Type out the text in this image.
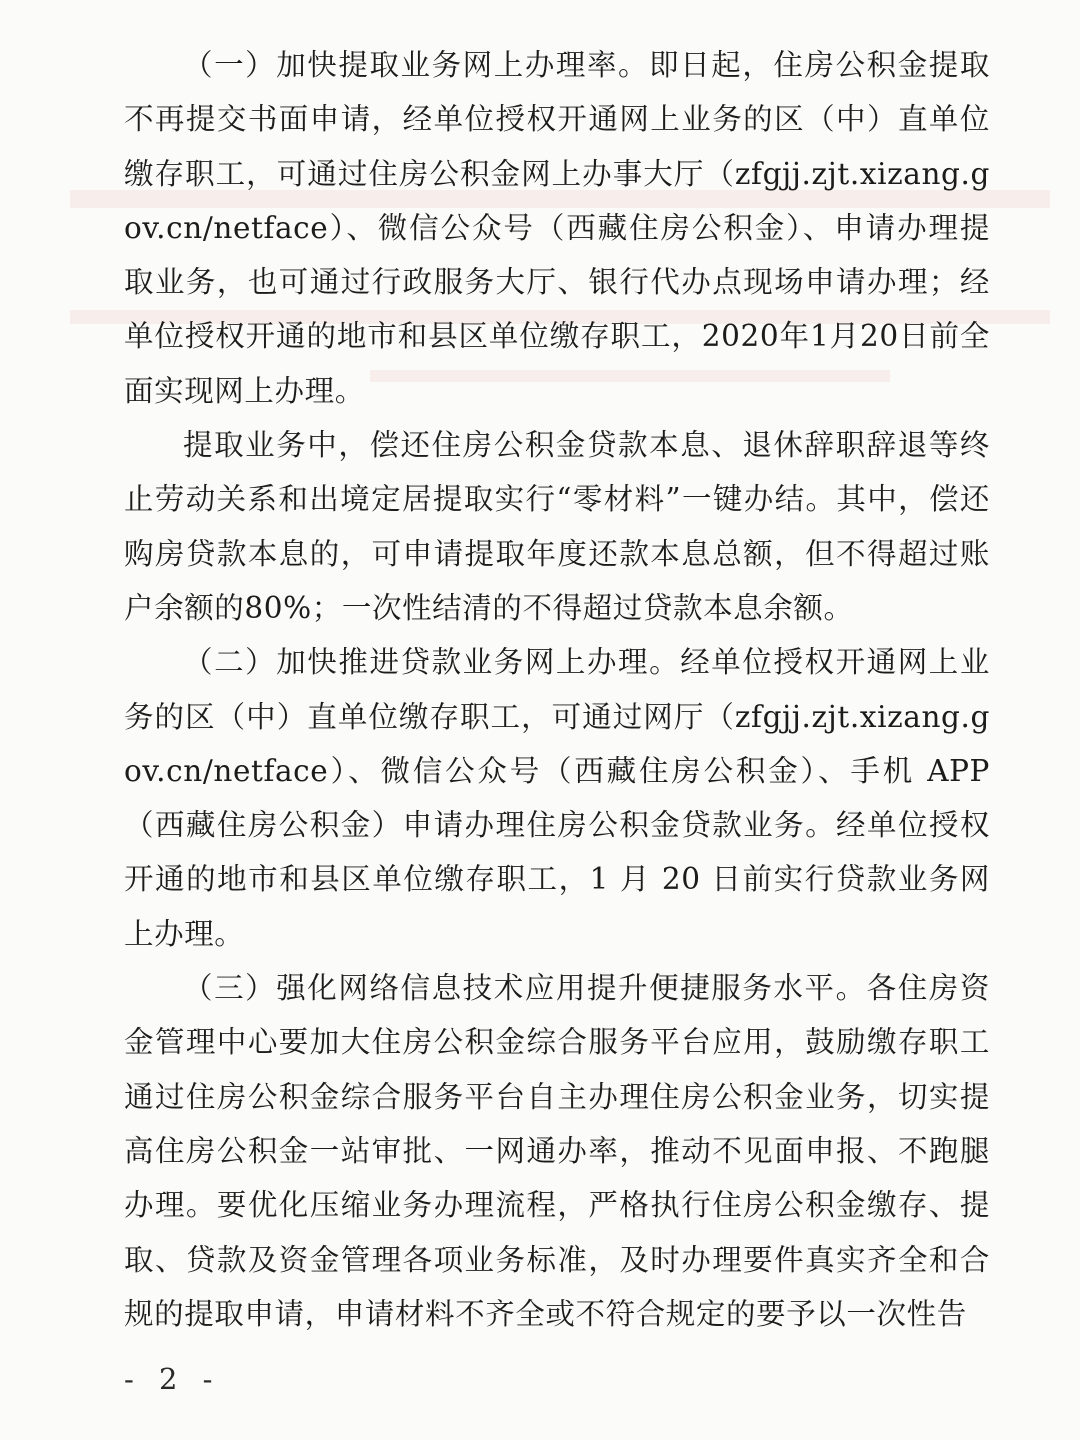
（一）加快提取业务网上办理率。即日起，住房公积金提取不再提交书面申请，经单位授权开通网上业务的区（中）直单位缴存职工，可通过住房公积金网上办事大厅（zfgjj.zjt.xizang.gov.cn/netface）、微信公众号（西藏住房公积金）、申请办理提取业务，也可通过行政服务大厅、银行代办点现场申请办理；经单位授权开通的地市和县区单位缴存职工，2020年1月20日前全面实现网上办理。

提取业务中，偿还住房公积金贷款本息、退休辞职辞退等终止劳动关系和出境定居提取实行“零材料”一键办结。其中，偿还购房贷款本息的，可申请提取年度还款本息总额，但不得超过账户余额的80%；一次性结清的不得超过贷款本息余额。

（二）加快推进贷款业务网上办理。经单位授权开通网上业务的区（中）直单位缴存职工，可通过网厅（zfgjj.zjt.xizang.gov.cn/netface）、微信公众号（西藏住房公积金）、手机 APP（西藏住房公积金）申请办理住房公积金贷款业务。经单位授权开通的地市和县区单位缴存职工，1 月 20 日前实行贷款业务网上办理。

（三）强化网络信息技术应用提升便捷服务水平。各住房资金管理中心要加大住房公积金综合服务平台应用，鼓励缴存职工通过住房公积金综合服务平台自主办理住房公积金业务，切实提高住房公积金一站审批、一网通办率，推动不见面申报、不跑腿办理。要优化压缩业务办理流程，严格执行住房公积金缴存、提取、贷款及资金管理各项业务标准，及时办理要件真实齐全和合规的提取申请，申请材料不齐全或不符合规定的要予以一次性告

- 2 -
